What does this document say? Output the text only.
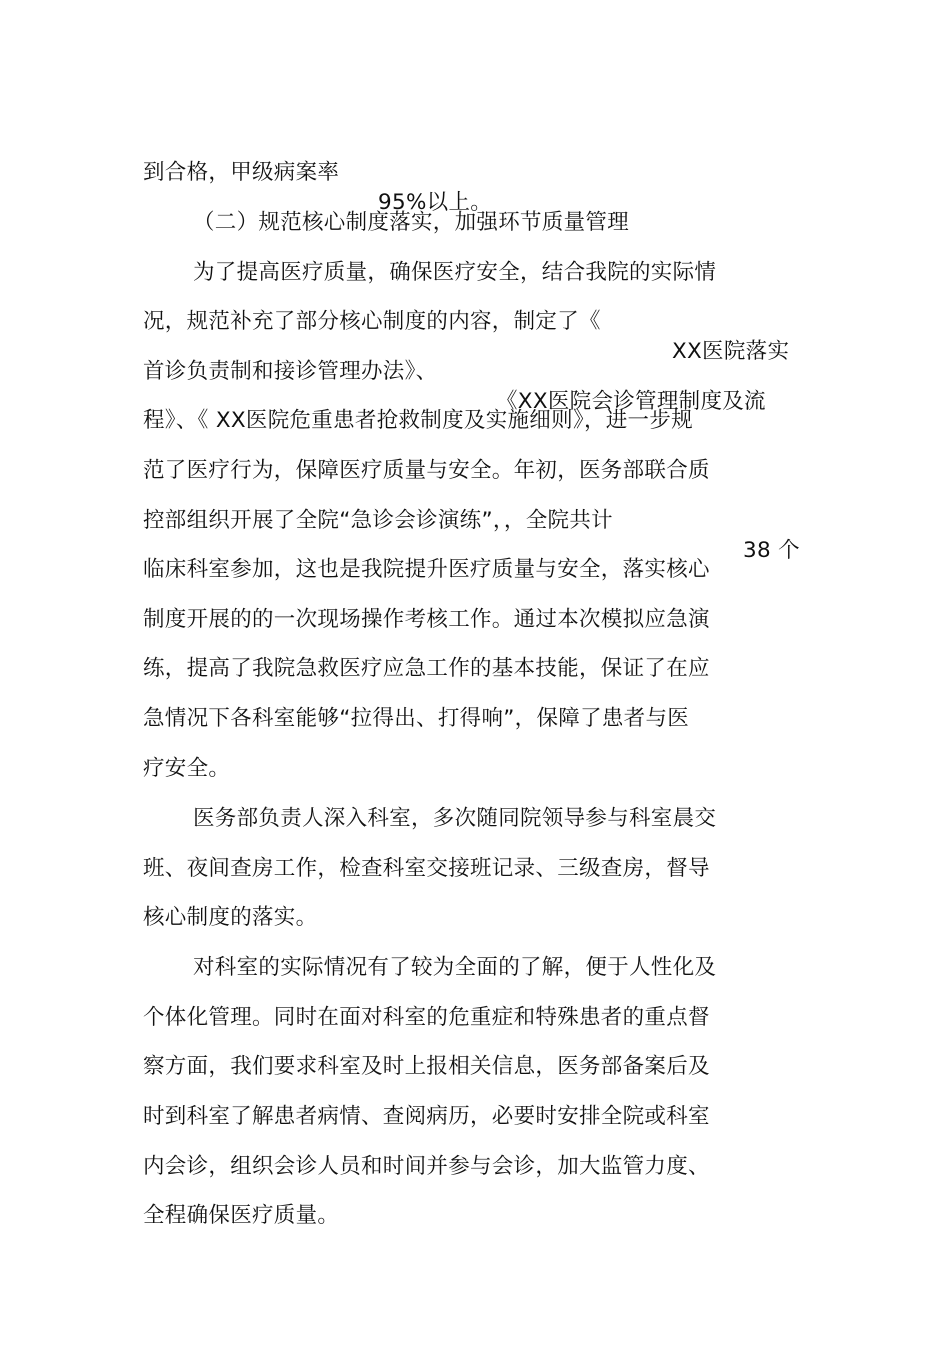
到合格，甲级病案率

95%以上。

（二）规范核心制度落实，加强环节质量管理

为了提高医疗质量，确保医疗安全，结合我院的实际情

况，规范补充了部分核心制度的内容，制定了《

XX医院落实

首诊负责制和接诊管理办法》、

《XX医院会诊管理制度及流

程》、《 XX医院危重患者抢救制度及实施细则》，进一步规

范了医疗行为，保障医疗质量与安全。年初，医务部联合质

控部组织开展了全院“急诊会诊演练”，，全院共计

38 个

临床科室参加，这也是我院提升医疗质量与安全，落实核心

制度开展的的一次现场操作考核工作。通过本次模拟应急演

练，提高了我院急救医疗应急工作的基本技能，保证了在应

急情况下各科室能够“拉得出、打得响”，保障了患者与医

疗安全。

医务部负责人深入科室，多次随同院领导参与科室晨交

班、夜间查房工作，检查科室交接班记录、三级查房，督导

核心制度的落实。

对科室的实际情况有了较为全面的了解，便于人性化及

个体化管理。同时在面对科室的危重症和特殊患者的重点督

察方面，我们要求科室及时上报相关信息，医务部备案后及

时到科室了解患者病情、查阅病历，必要时安排全院或科室

内会诊，组织会诊人员和时间并参与会诊，加大监管力度、

全程确保医疗质量。
